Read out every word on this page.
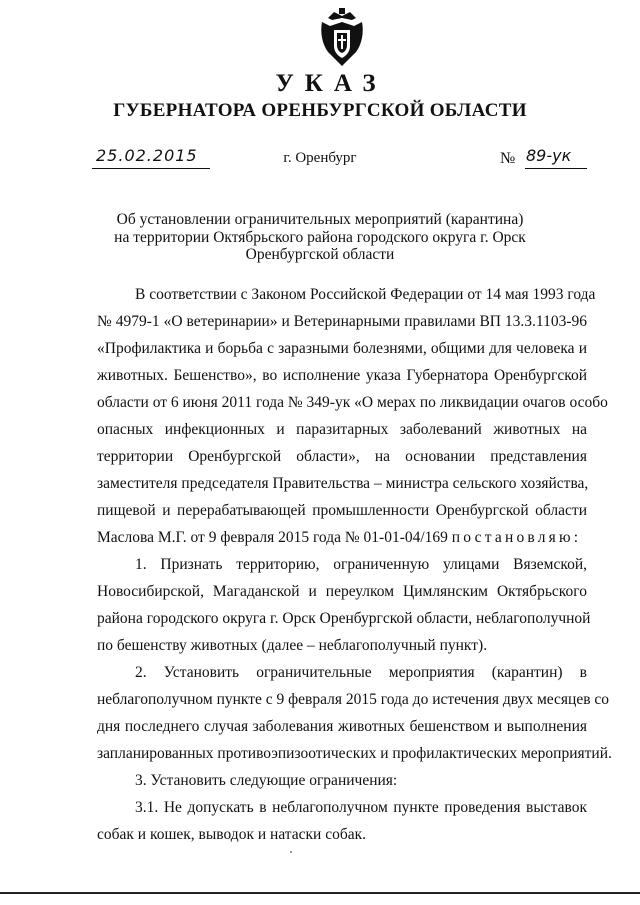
УКАЗ
ГУБЕРНАТОРА ОРЕНБУРГСКОЙ ОБЛАСТИ
25.02.2015	г. Оренбург	№ 89-ук
Об установлении ограничительных мероприятий (карантина)
на территории Октябрьского района городского округа г. Орск
Оренбургской области
В соответствии с Законом Российской Федерации от 14 мая 1993 года
№ 4979-1 «О ветеринарии» и Ветеринарными правилами ВП 13.3.1103-96
«Профилактика и борьба с заразными болезнями, общими для человека и
животных. Бешенство», во исполнение указа Губернатора Оренбургской
области от 6 июня 2011 года № 349-ук «О мерах по ликвидации очагов особо
опасных инфекционных и паразитарных заболеваний животных на
территории Оренбургской области», на основании представления
заместителя председателя Правительства – министра сельского хозяйства,
пищевой и перерабатывающей промышленности Оренбургской области
Маслова М.Г. от 9 февраля 2015 года № 01-01-04/169 постановляю:
1. Признать территорию, ограниченную улицами Вяземской,
Новосибирской, Магаданской и переулком Цимлянским Октябрьского
района городского округа г. Орск Оренбургской области, неблагополучной
по бешенству животных (далее – неблагополучный пункт).
2. Установить ограничительные мероприятия (карантин) в
неблагополучном пункте с 9 февраля 2015 года до истечения двух месяцев со
дня последнего случая заболевания животных бешенством и выполнения
запланированных противоэпизоотических и профилактических мероприятий.
3. Установить следующие ограничения:
3.1. Не допускать в неблагополучном пункте проведения выставок
собак и кошек, выводок и натаски собак.
